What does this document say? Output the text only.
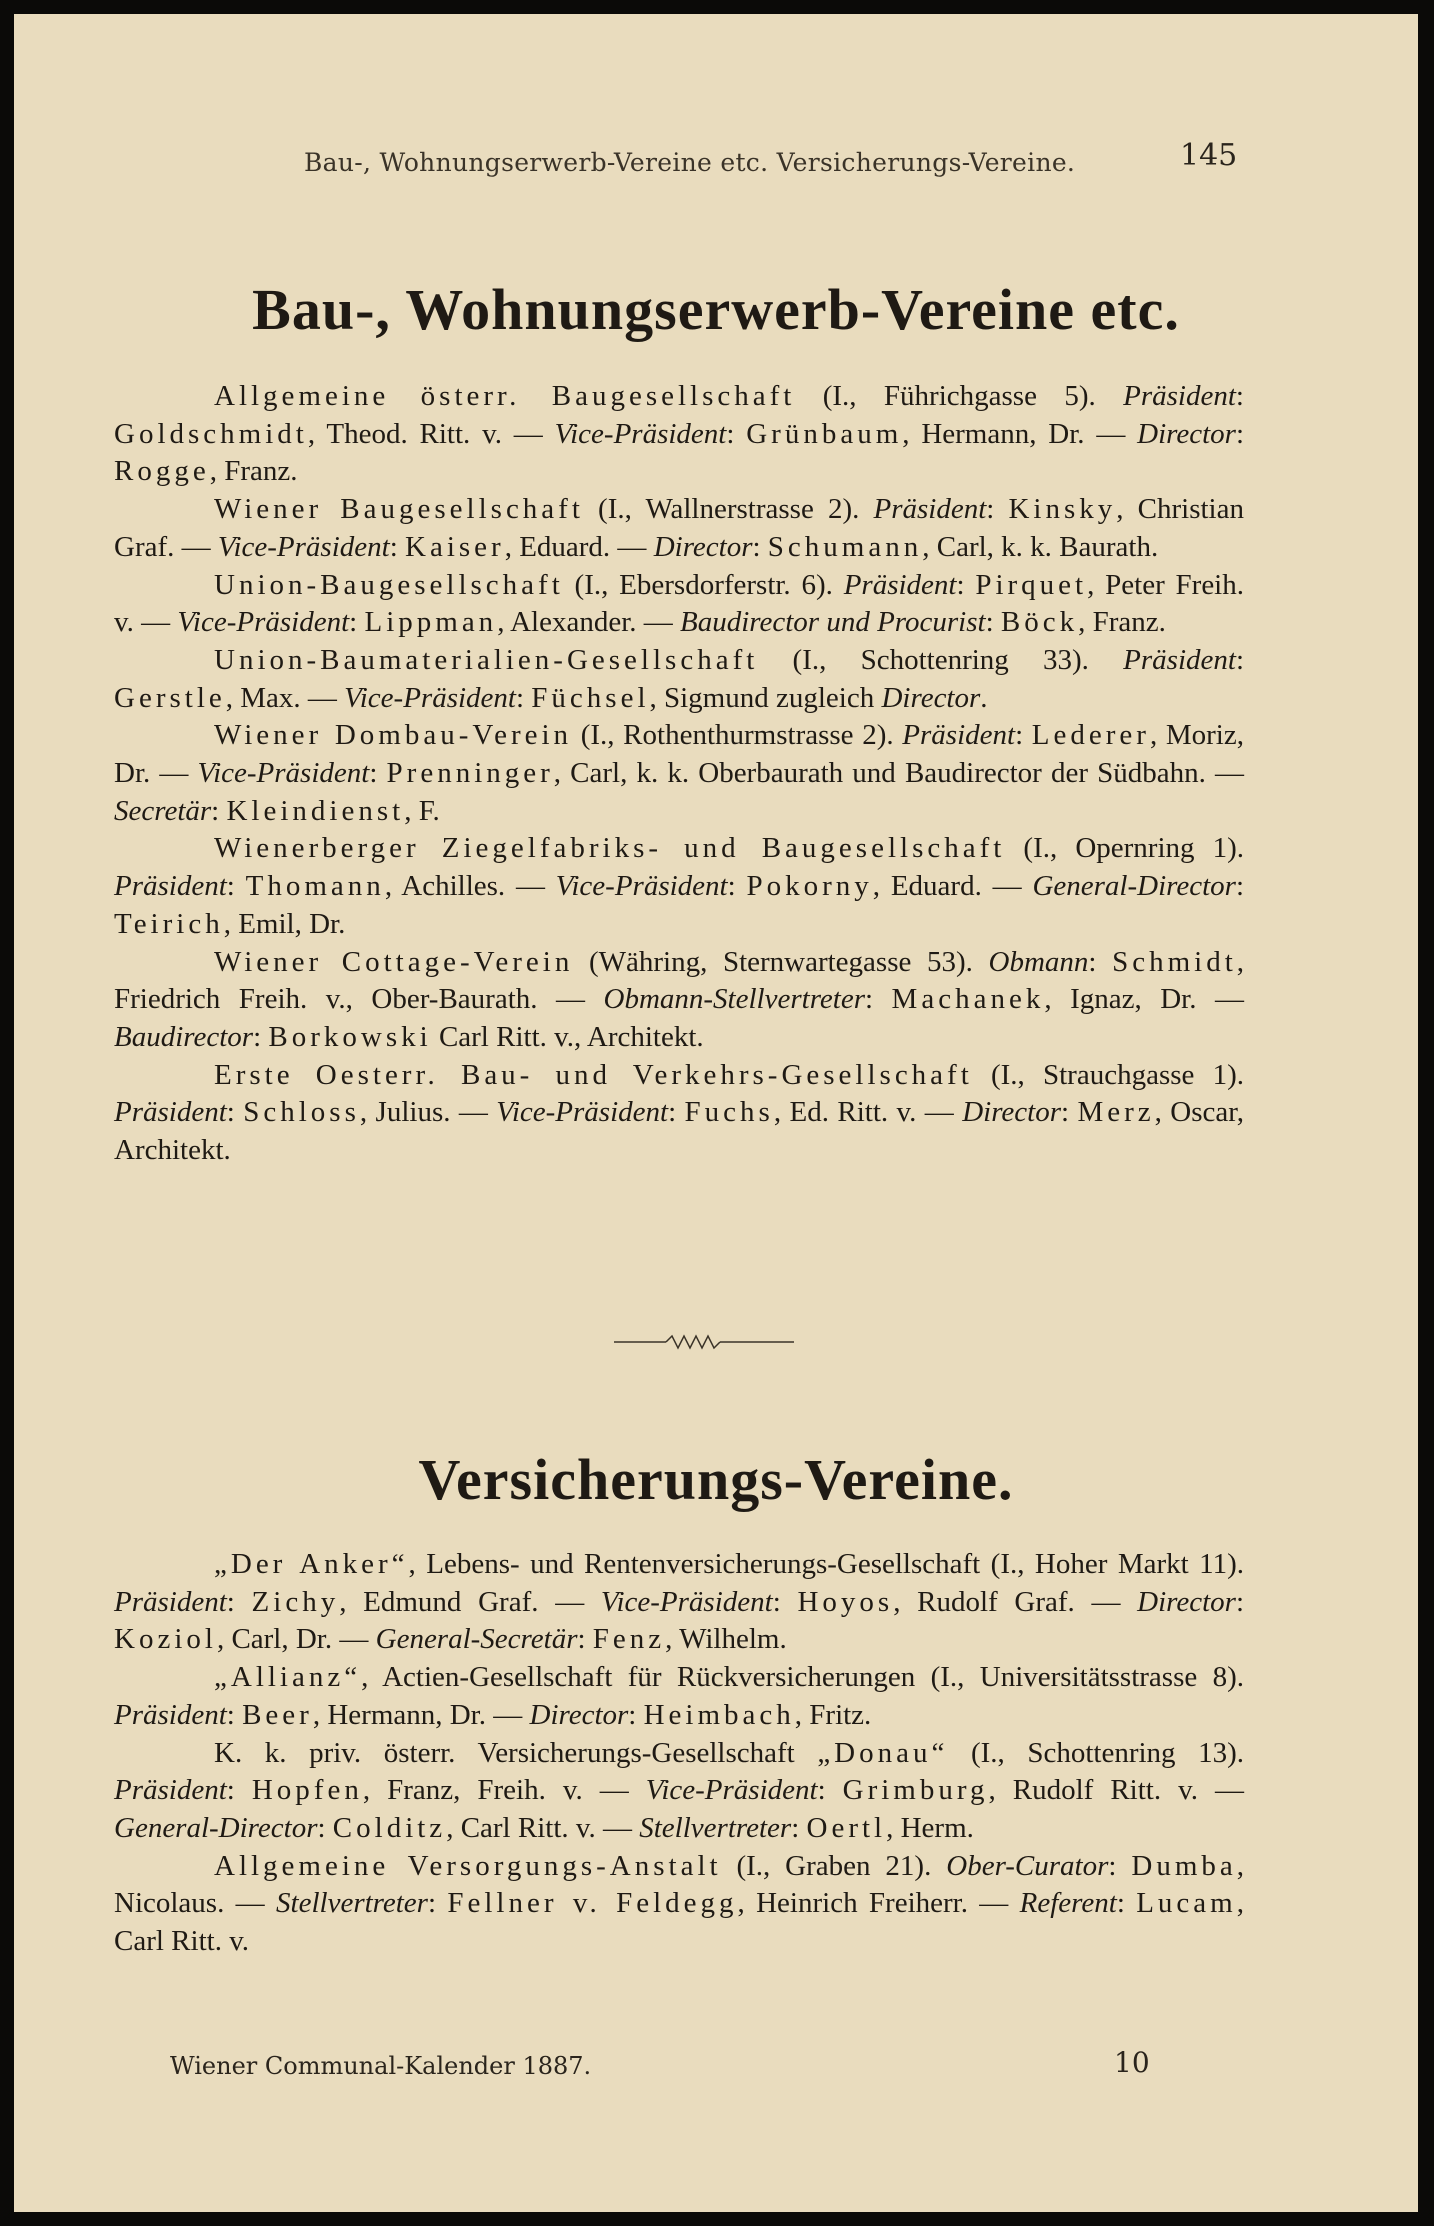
Bau-, Wohnungserwerb-Vereine etc. Versicherungs-Vereine.	145
Bau-, Wohnungserwerb-Vereine etc.

Allgemeine österr. Baugesellschaft (I., Führichgasse 5). Präsident: Goldschmidt, Theod. Ritt. v. — Vice-Präsident: Grünbaum, Hermann, Dr. — Director: Rogge, Franz.

Wiener Baugesellschaft (I., Wallnerstrasse 2). Präsident: Kinsky, Christian Graf. — Vice-Präsident: Kaiser, Eduard. — Director: Schumann, Carl, k. k. Baurath.

Union-Baugesellschaft (I., Ebersdorferstr. 6). Präsident: Pirquet, Peter Freih. v. — Vice-Präsident: Lippman, Alexander. — Baudirector und Procurist: Böck, Franz.

Union-Baumaterialien-Gesellschaft (I., Schottenring 33). Präsident: Gerstle, Max. — Vice-Präsident: Füchsel, Sigmund zugleich Director.

Wiener Dombau-Verein (I., Rothenthurmstrasse 2). Präsident: Lederer, Moriz, Dr. — Vice-Präsident: Prenninger, Carl, k. k. Oberbaurath und Baudirector der Südbahn. — Secretär: Kleindienst, F.

Wienerberger Ziegelfabriks- und Baugesellschaft (I., Opernring 1). Präsident: Thomann, Achilles. — Vice-Präsident: Pokorny, Eduard. — General-Director: Teirich, Emil, Dr.

Wiener Cottage-Verein (Währing, Sternwartegasse 53). Obmann: Schmidt, Friedrich Freih. v., Ober-Baurath. — Obmann-Stellvertreter: Machanek, Ignaz, Dr. — Baudirector: Borkowski Carl Ritt. v., Architekt.

Erste Oesterr. Bau- und Verkehrs-Gesellschaft (I., Strauchgasse 1). Präsident: Schloss, Julius. — Vice-Präsident: Fuchs, Ed. Ritt. v. — Director: Merz, Oscar, Architekt.

Versicherungs-Vereine.

„Der Anker“, Lebens- und Rentenversicherungs-Gesellschaft (I., Hoher Markt 11). Präsident: Zichy, Edmund Graf. — Vice-Präsident: Hoyos, Rudolf Graf. — Director: Koziol, Carl, Dr. — General-Secretär: Fenz, Wilhelm.

„Allianz“, Actien-Gesellschaft für Rückversicherungen (I., Universitätsstrasse 8). Präsident: Beer, Hermann, Dr. — Director: Heimbach, Fritz.

K. k. priv. österr. Versicherungs-Gesellschaft „Donau“ (I., Schottenring 13). Präsident: Hopfen, Franz, Freih. v. — Vice-Präsident: Grimburg, Rudolf Ritt. v. — General-Director: Colditz, Carl Ritt. v. — Stellvertreter: Oertl, Herm.

Allgemeine Versorgungs-Anstalt (I., Graben 21). Ober-Curator: Dumba, Nicolaus. — Stellvertreter: Fellner v. Feldegg, Heinrich Freiherr. — Referent: Lucam, Carl Ritt. v.

Wiener Communal-Kalender 1887.	10
